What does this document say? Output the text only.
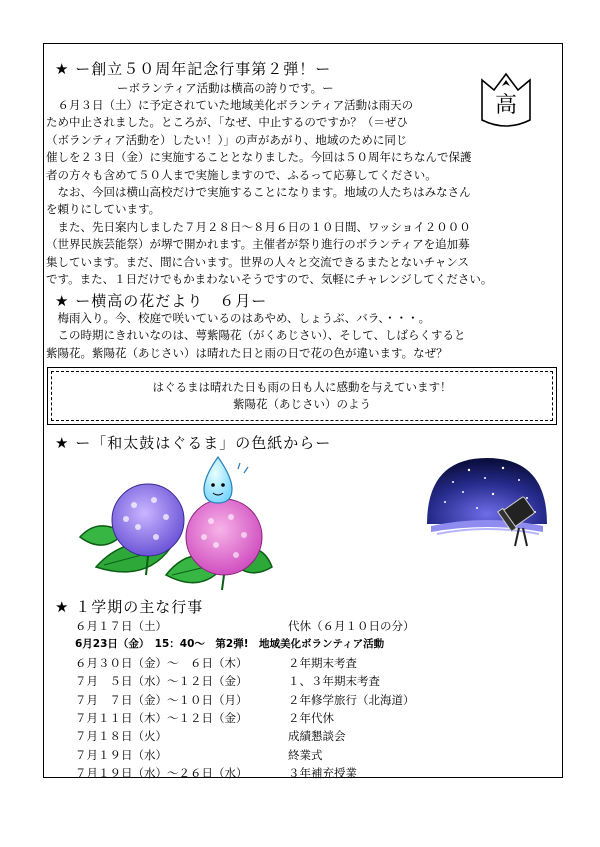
★ ー創立５０周年記念行事第２弾！ー
ーボランティア活動は横高の誇りです。ー
　６月３日（土）に予定されていた地域美化ボランティア活動は雨天の
ため中止されました。ところが、「なぜ、中止するのですか？（＝ぜひ
（ボランティア活動を）したい！）」の声があがり、地域のために同じ
催しを２３日（金）に実施することとなりました。今回は５０周年にちなんで保護
者の方々も含めて５０人まで実施しますので、ふるって応募してください。
　なお、今回は横山高校だけで実施することになります。地域の人たちはみなさん
を頼りにしています。
　また、先日案内しました７月２８日～８月６日の１０日間、ワッショイ２０００
（世界民族芸能祭）が堺で開かれます。主催者が祭り進行のボランティアを追加募
集しています。まだ、間に合います。世界の人々と交流できるまたとないチャンス
です。また、１日だけでもかまわないそうですので、気軽にチャレンジしてください。
高
★ ー横高の花だより　６月ー
　梅雨入り。今、校庭で咲いているのはあやめ、しょうぶ、バラ、・・・。
　この時期にきれいなのは、萼紫陽花（がくあじさい）、そして、しばらくすると
紫陽花。紫陽花（あじさい）は晴れた日と雨の日で花の色が違います。なぜ？
はぐるまは晴れた日も雨の日も人に感動を与えています！
紫陽花（あじさい）のよう
★ ー「和太鼓はぐるま」の色紙からー
★ １学期の主な行事
６月１７日（土）	代休（６月１０日の分）
6月23日（金）　15：40～　第2弾!　地域美化ボランティア活動
６月３０日（金）～　６日（木）	２年期末考査
７月　５日（水）～１２日（金）	１、３年期末考査
７月　７日（金）～１０日（月）	２年修学旅行（北海道）
７月１１日（木）～１２日（金）	２年代休
７月１８日（火）	成績懇談会
７月１９日（水）	終業式
７月１９日（水）～２６日（水）	３年補充授業
